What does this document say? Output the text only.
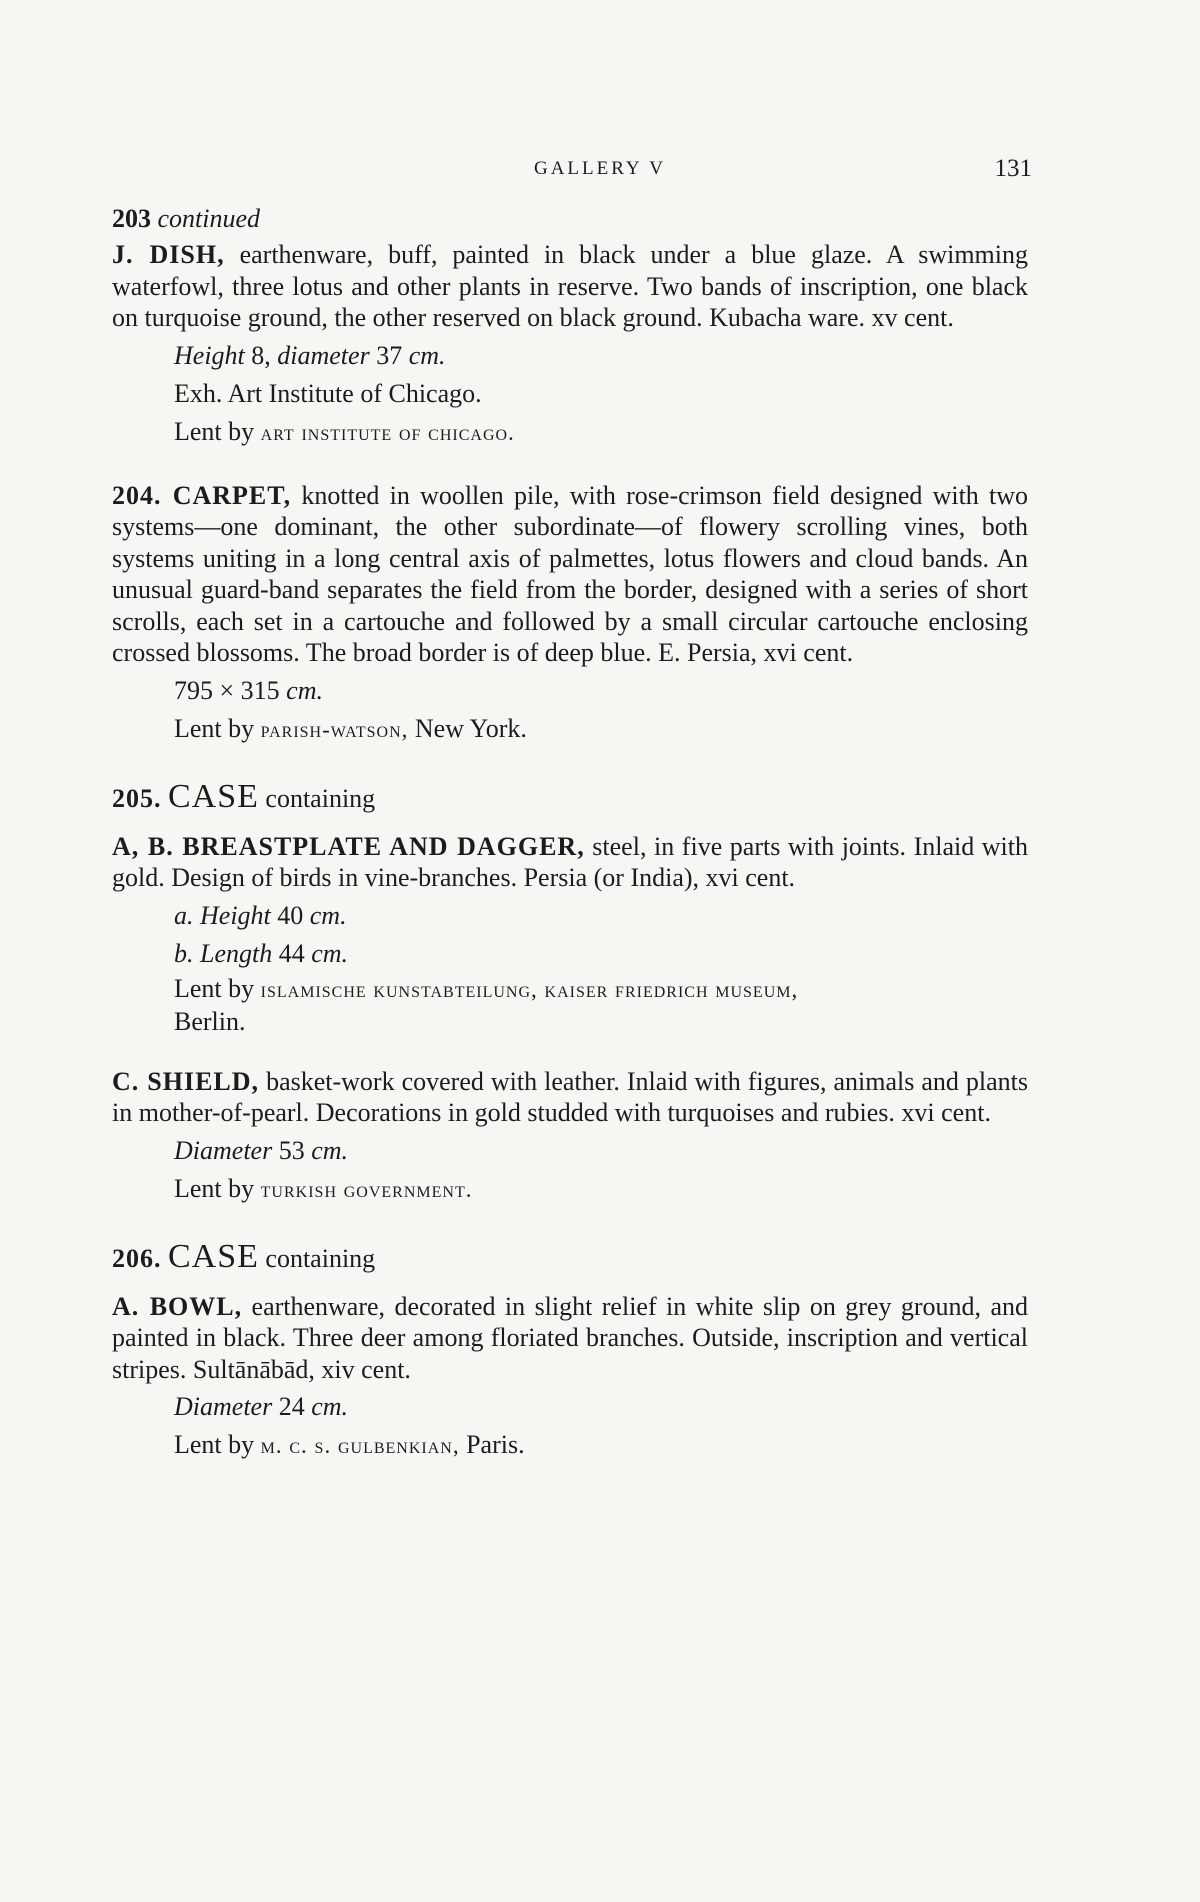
GALLERY V	131
203 continued

J. DISH, earthenware, buff, painted in black under a blue glaze. A swimming waterfowl, three lotus and other plants in reserve. Two bands of inscription, one black on turquoise ground, the other reserved on black ground. Kubacha ware. xv cent.

Height 8, diameter 37 cm.
Exh. Art Institute of Chicago.
Lent by art institute of chicago.

204. CARPET, knotted in woollen pile, with rose-crimson field designed with two systems—one dominant, the other subordinate—of flowery scrolling vines, both systems uniting in a long central axis of palmettes, lotus flowers and cloud bands. An unusual guard-band separates the field from the border, designed with a series of short scrolls, each set in a cartouche and followed by a small circular cartouche enclosing crossed blossoms. The broad border is of deep blue. E. Persia, xvi cent.

795 × 315 cm.
Lent by parish-watson, New York.
205. CASE containing

A, B. BREASTPLATE AND DAGGER, steel, in five parts with joints. Inlaid with gold. Design of birds in vine-branches. Persia (or India), xvi cent.

a. Height 40 cm.
b. Length 44 cm.
Lent by islamische kunstabteilung, kaiser friedrich museum,
Berlin.

C. SHIELD, basket-work covered with leather. Inlaid with figures, animals and plants in mother-of-pearl. Decorations in gold studded with turquoises and rubies. xvi cent.

Diameter 53 cm.
Lent by turkish government.
206. CASE containing

A. BOWL, earthenware, decorated in slight relief in white slip on grey ground, and painted in black. Three deer among floriated branches. Outside, inscription and vertical stripes. Sultānābād, xiv cent.

Diameter 24 cm.
Lent by m. c. s. gulbenkian, Paris.
